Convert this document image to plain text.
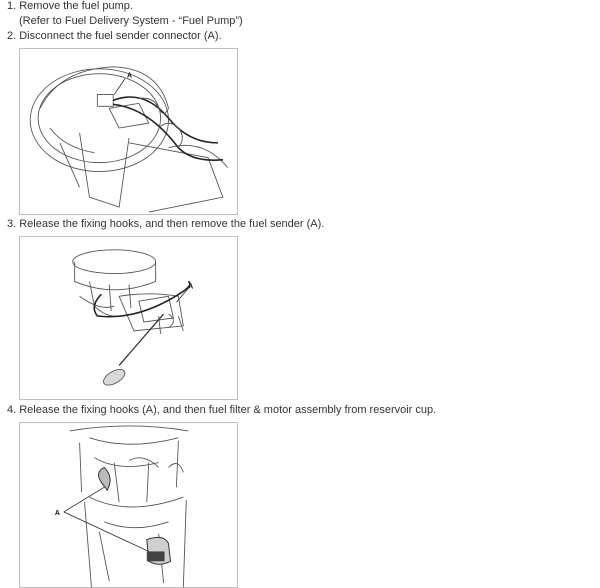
1. Remove the fuel pump.
(Refer to Fuel Delivery System - “Fuel Pump”)
2. Disconnect the fuel sender connector (A).
A
3. Release the fixing hooks, and then remove the fuel sender (A).
A
4. Release the fixing hooks (A), and then fuel filter & motor assembly from reservoir cup.
A
